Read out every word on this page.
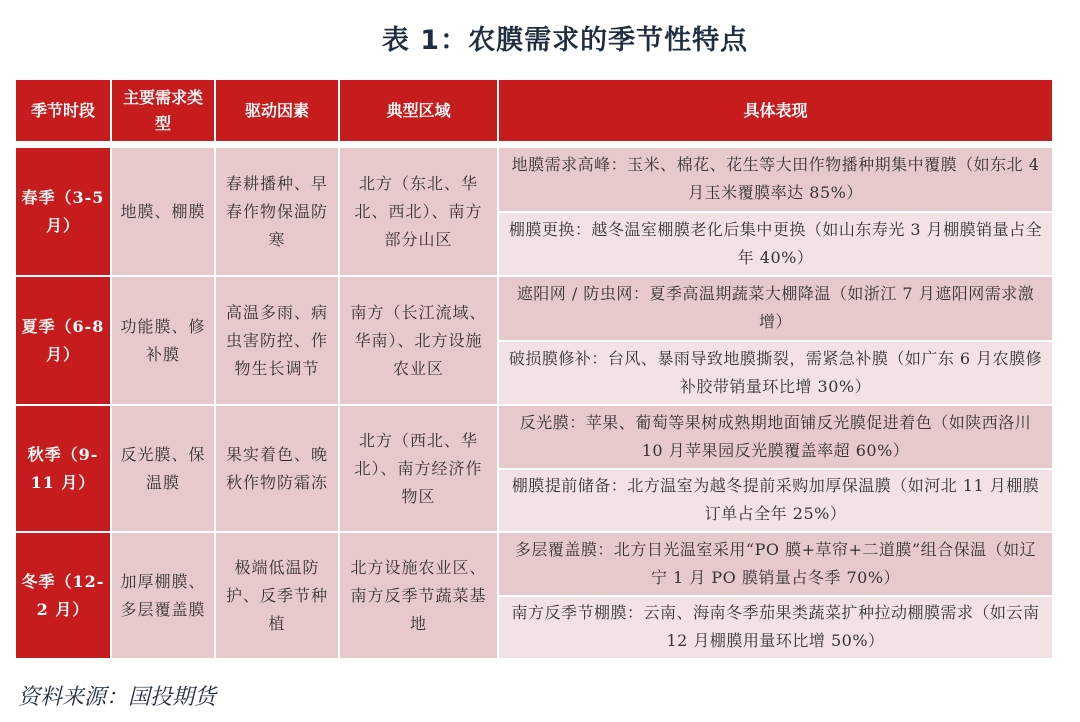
表 1：农膜需求的季节性特点
季节时段
主要需求类型
驱动因素	典型区域	具体表现
春季（3-5月）
地膜、棚膜
春耕播种、早春作物保温防寒
北方（东北、华北、西北）、南方部分山区
地膜需求高峰：玉米、棉花、花生等大田作物播种期集中覆膜（如东北 4 月玉米覆膜率达 85%）
棚膜更换：越冬温室棚膜老化后集中更换（如山东寿光 3 月棚膜销量占全年 40%）
夏季（6-8月）
功能膜、修补膜
高温多雨、病虫害防控、作物生长调节
南方（长江流域、华南）、北方设施农业区
遮阳网 / 防虫网：夏季高温期蔬菜大棚降温（如浙江 7 月遮阳网需求激增）
破损膜修补：台风、暴雨导致地膜撕裂，需紧急补膜（如广东 6 月农膜修补胶带销量环比增 30%）
秋季（9-11 月）
反光膜、保温膜
果实着色、晚秋作物防霜冻
北方（西北、华北）、南方经济作物区
反光膜：苹果、葡萄等果树成熟期地面铺反光膜促进着色（如陕西洛川 10 月苹果园反光膜覆盖率超 60%）
棚膜提前储备：北方温室为越冬提前采购加厚保温膜（如河北 11 月棚膜订单占全年 25%）
冬季（12-2 月）
加厚棚膜、多层覆盖膜
极端低温防护、反季节种植
北方设施农业区、南方反季节蔬菜基地
多层覆盖膜：北方日光温室采用“PO 膜+草帘+二道膜”组合保温（如辽宁 1 月 PO 膜销量占冬季 70%）
南方反季节棚膜：云南、海南冬季茄果类蔬菜扩种拉动棚膜需求（如云南 12 月棚膜用量环比增 50%）
资料来源：国投期货
